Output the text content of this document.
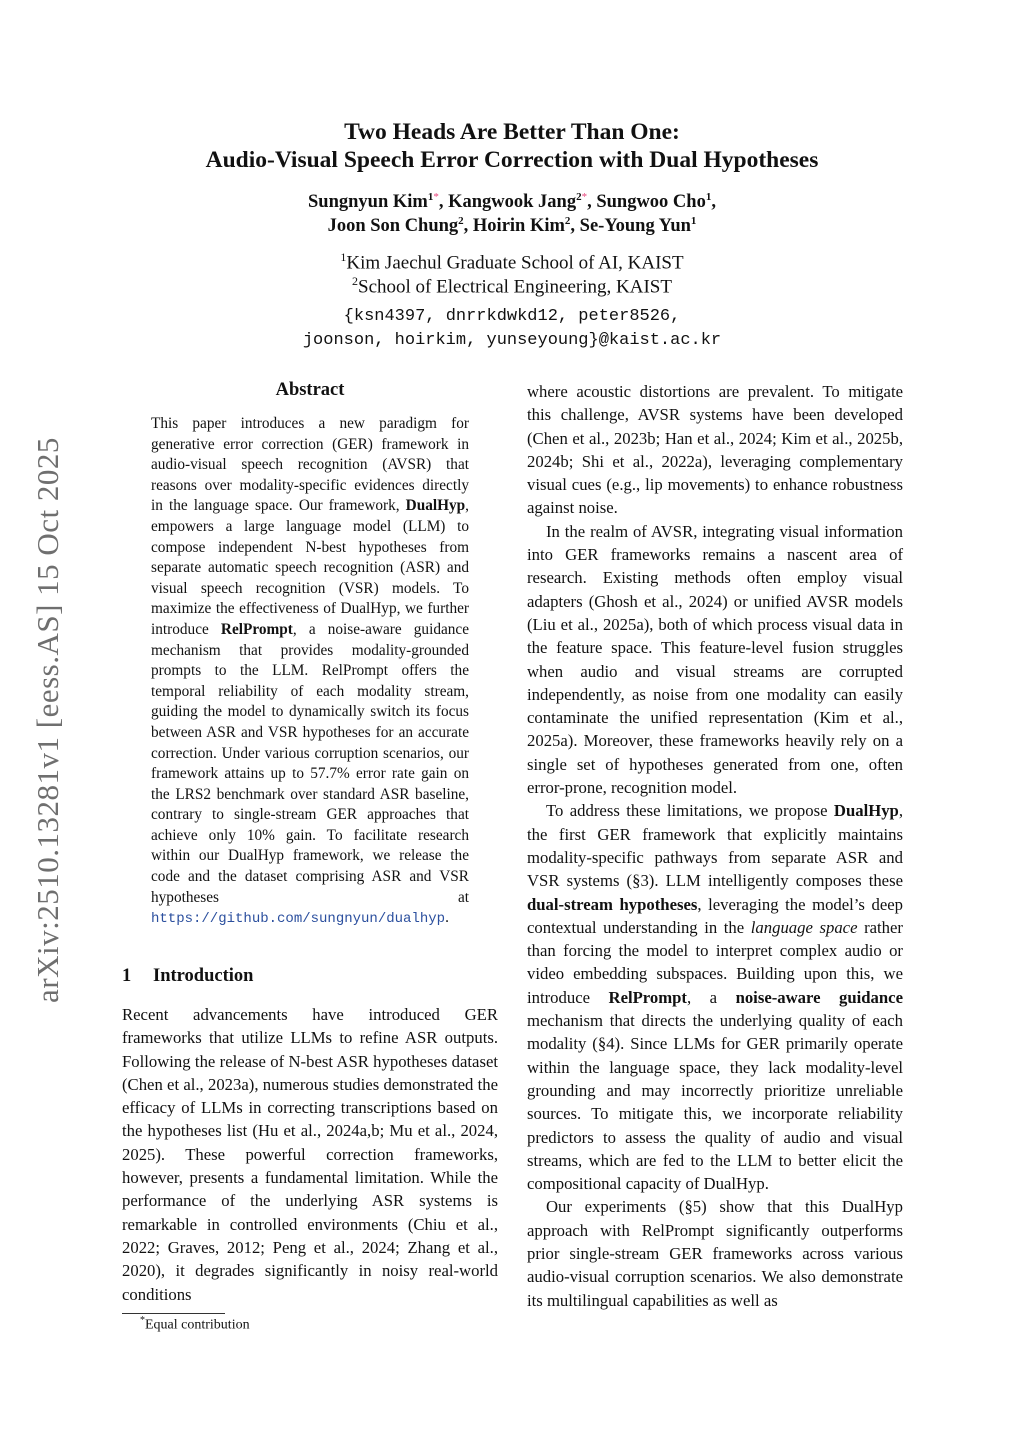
arXiv:2510.13281v1 [eess.AS] 15 Oct 2025
Two Heads Are Better Than One:
Audio-Visual Speech Error Correction with Dual Hypotheses
Sungnyun Kim$^{1*}$, Kangwook Jang$^{2*}$, Sungwoo Cho$^1$,
Joon Son Chung$^2$, Hoirin Kim$^2$, Se-Young Yun$^1$
$^1$Kim Jaechul Graduate School of AI, KAIST
$^2$School of Electrical Engineering, KAIST
{ksn4397, dnrrkdwkd12, peter8526,
joonson, hoirkim, yunseyoung}@kaist.ac.kr
Abstract
This paper introduces a new paradigm for generative error correction (GER) framework in audio-visual speech recognition (AVSR) that reasons over modality-specific evidences directly in the language space. Our framework, DualHyp, empowers a large language model (LLM) to compose independent N-best hypotheses from separate automatic speech recognition (ASR) and visual speech recognition (VSR) models. To maximize the effectiveness of DualHyp, we further introduce RelPrompt, a noise-aware guidance mechanism that provides modality-grounded prompts to the LLM. RelPrompt offers the temporal reliability of each modality stream, guiding the model to dynamically switch its focus between ASR and VSR hypotheses for an accurate correction. Under various corruption scenarios, our framework attains up to 57.7% error rate gain on the LRS2 benchmark over standard ASR baseline, contrary to single-stream GER approaches that achieve only 10% gain. To facilitate research within our DualHyp framework, we release the code and the dataset comprising ASR and VSR hypotheses at https://github.com/sungnyun/dualhyp.
1 Introduction
Recent advancements have introduced GER frameworks that utilize LLMs to refine ASR outputs. Following the release of N-best ASR hypotheses dataset (Chen et al., 2023a), numerous studies demonstrated the efficacy of LLMs in correcting transcriptions based on the hypotheses list (Hu et al., 2024a,b; Mu et al., 2024, 2025). These powerful correction frameworks, however, presents a fundamental limitation. While the performance of the underlying ASR systems is remarkable in controlled environments (Chiu et al., 2022; Graves, 2012; Peng et al., 2024; Zhang et al., 2020), it degrades significantly in noisy real-world conditions

where acoustic distortions are prevalent. To mitigate this challenge, AVSR systems have been developed (Chen et al., 2023b; Han et al., 2024; Kim et al., 2025b, 2024b; Shi et al., 2022a), leveraging complementary visual cues (e.g., lip movements) to enhance robustness against noise.

In the realm of AVSR, integrating visual information into GER frameworks remains a nascent area of research. Existing methods often employ visual adapters (Ghosh et al., 2024) or unified AVSR models (Liu et al., 2025a), both of which process visual data in the feature space. This feature-level fusion struggles when audio and visual streams are corrupted independently, as noise from one modality can easily contaminate the unified representation (Kim et al., 2025a). Moreover, these frameworks heavily rely on a single set of hypotheses generated from one, often error-prone, recognition model.

To address these limitations, we propose DualHyp, the first GER framework that explicitly maintains modality-specific pathways from separate ASR and VSR systems (§3). LLM intelligently composes these dual-stream hypotheses, leveraging the model’s deep contextual understanding in the language space rather than forcing the model to interpret complex audio or video embedding subspaces. Building upon this, we introduce RelPrompt, a noise-aware guidance mechanism that directs the underlying quality of each modality (§4). Since LLMs for GER primarily operate within the language space, they lack modality-level grounding and may incorrectly prioritize unreliable sources. To mitigate this, we incorporate reliability predictors to assess the quality of audio and visual streams, which are fed to the LLM to better elicit the compositional capacity of DualHyp.

Our experiments (§5) show that this DualHyp approach with RelPrompt significantly outperforms prior single-stream GER frameworks across various audio-visual corruption scenarios. We also demonstrate its multilingual capabilities as well as

*Equal contribution
